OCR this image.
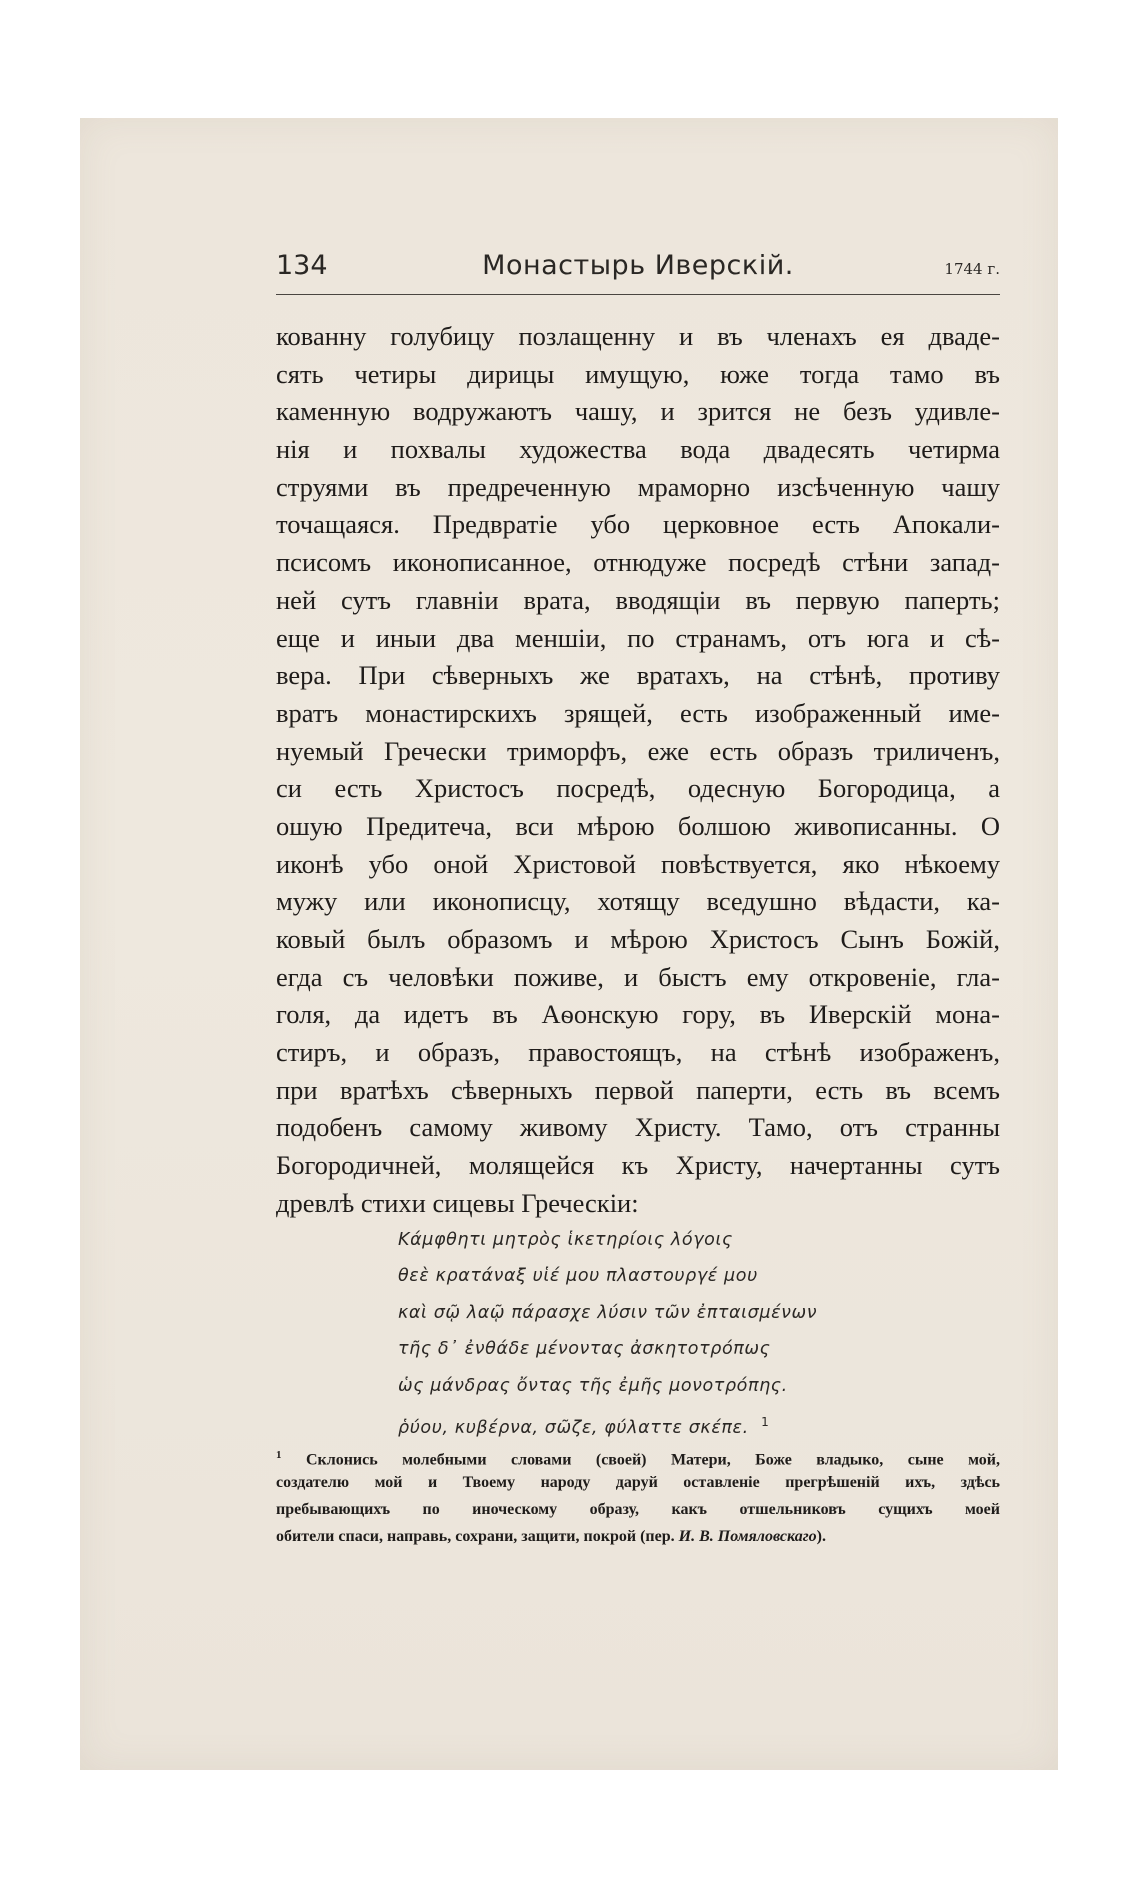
134	Монастырь Иверскій.	1744 г.
кованну голубицу позлащенну и въ членахъ ея двадe-
сять четиры дирицы имущую, юже тогда тамо въ
каменную водружаютъ чашу, и зрится не безъ удивле-
нія и похвалы художества вода двадесять четирма
струями въ предреченную мраморно изсѣченную чашу
точащаяся. Предвратіе убо церковное есть Апокали-
псисомъ иконописанное, отнюдуже посредѣ стѣни запад-
ней сутъ главніи врата, вводящіи въ первую паперть;
еще и иныи два меншіи, по странамъ, отъ юга и сѣ-
вера. При сѣверныхъ же вратахъ, на стѣнѣ, противу
вратъ монастирскихъ зрящей, есть изображенный име-
нуемый Гречески триморфъ, еже есть образъ триличенъ,
си есть Христосъ посредѣ, одесную Богородица, а
ошую Предитеча, вси мѣрою болшою живописанны. О
иконѣ убо оной Христовой повѣствуется, яко нѣкоему
мужу или иконописцу, хотящу вседушно вѣдасти, ка-
ковый былъ образомъ и мѣрою Христосъ Сынъ Божій,
егда съ человѣки поживе, и быстъ ему откровеніе, гла-
голя, да идетъ въ Аѳонскую гору, въ Иверскій мона-
стиръ, и образъ, правостоящъ, на стѣнѣ изображенъ,
при вратѣхъ сѣверныхъ первой паперти, есть въ всемъ
подобенъ самому живому Христу. Тамо, отъ странны
Богородичней, молящейся къ Христу, начертанны сутъ
древлѣ стихи сицевы Греческіи:
Κάμφθητι μητρὸς ἱκετηρίοις λόγοις
θεὲ κρατάναξ υἱέ μου πλαστουργέ μου
καὶ σῷ λαῷ πάρασχε λύσιν τῶν ἐπταισμένων
τῆς δ᾽ ἐνθάδε μένοντας ἀσκητοτρόπως
ὡς μάνδρας ὄντας τῆς ἐμῆς μονοτρόπης.
ῥύου, κυβέρνα, σῶζε, φύλαττε σκέπε. $^1$
$^1$ Склонись молебными словами (своей) Матери, Боже владыко, сыне мой,
создателю мой и Твоему народу даруй оставленіе прегрѣшеній ихъ, здѣсь
пребывающихъ по иноческому образу, какъ отшельниковъ сущихъ моей
обители спаси, направь, сохрани, защити, покрой (пер. И. В. Помяловскаго).
